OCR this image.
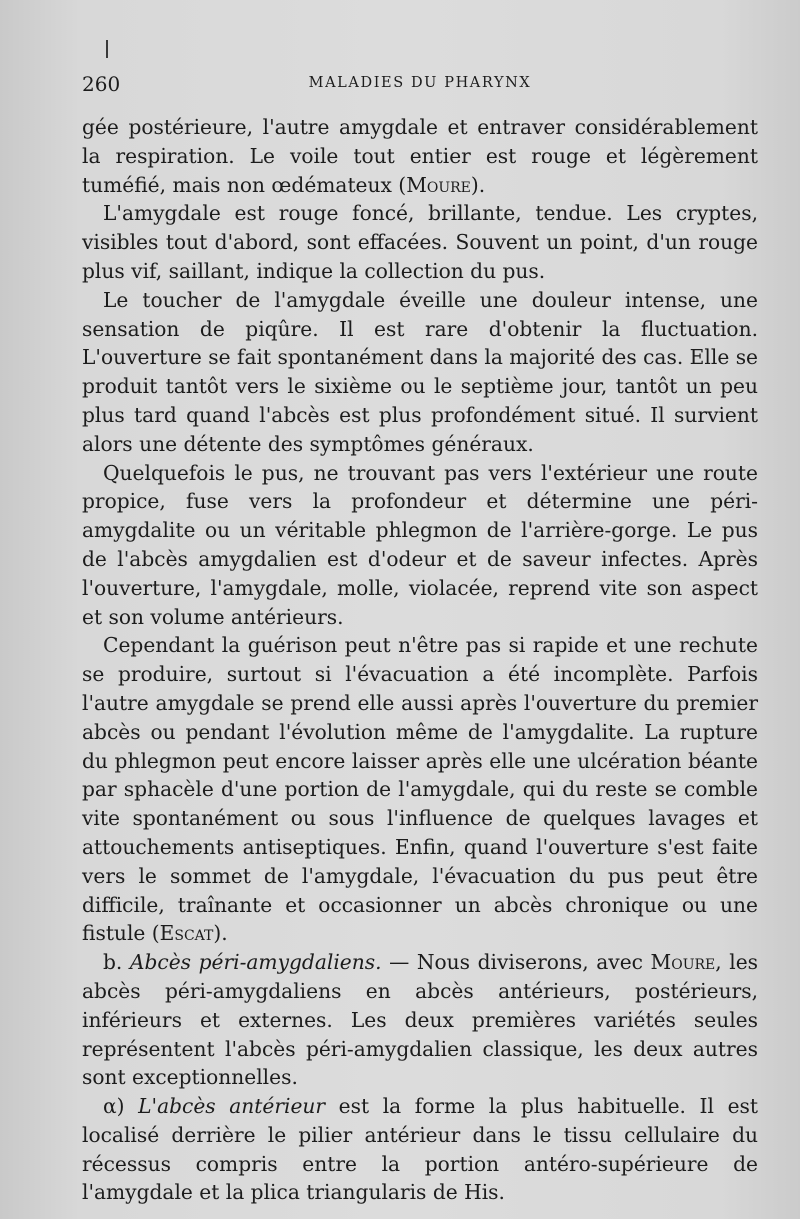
260	MALADIES DU PHARYNX

gée postérieure, l'autre amygdale et entraver considérablement la respiration. Le voile tout entier est rouge et légèrement tuméfié, mais non œdémateux (Moure).

L'amygdale est rouge foncé, brillante, tendue. Les cryptes, visibles tout d'abord, sont effacées. Souvent un point, d'un rouge plus vif, saillant, indique la collection du pus.

Le toucher de l'amygdale éveille une douleur intense, une sensation de piqûre. Il est rare d'obtenir la fluctuation. L'ouverture se fait spontanément dans la majorité des cas. Elle se produit tantôt vers le sixième ou le septième jour, tantôt un peu plus tard quand l'abcès est plus profondément situé. Il survient alors une détente des symptômes généraux.

Quelquefois le pus, ne trouvant pas vers l'extérieur une route propice, fuse vers la profondeur et détermine une péri-amygdalite ou un véritable phlegmon de l'arrière-gorge. Le pus de l'abcès amygdalien est d'odeur et de saveur infectes. Après l'ouverture, l'amygdale, molle, violacée, reprend vite son aspect et son volume antérieurs.

Cependant la guérison peut n'être pas si rapide et une rechute se produire, surtout si l'évacuation a été incomplète. Parfois l'autre amygdale se prend elle aussi après l'ouverture du premier abcès ou pendant l'évolution même de l'amygdalite. La rupture du phlegmon peut encore laisser après elle une ulcération béante par sphacèle d'une portion de l'amygdale, qui du reste se comble vite spontanément ou sous l'influence de quelques lavages et attouchements antiseptiques. Enfin, quand l'ouverture s'est faite vers le sommet de l'amygdale, l'évacuation du pus peut être difficile, traînante et occasionner un abcès chronique ou une fistule (Escat).

b. Abcès péri-amygdaliens. — Nous diviserons, avec Moure, les abcès péri-amygdaliens en abcès antérieurs, postérieurs, inférieurs et externes. Les deux premières variétés seules représentent l'abcès péri-amygdalien classique, les deux autres sont exceptionnelles.

α) L'abcès antérieur est la forme la plus habituelle. Il est localisé derrière le pilier antérieur dans le tissu cellulaire du récessus compris entre la portion antéro-supérieure de l'amygdale et la plica triangularis de His.
